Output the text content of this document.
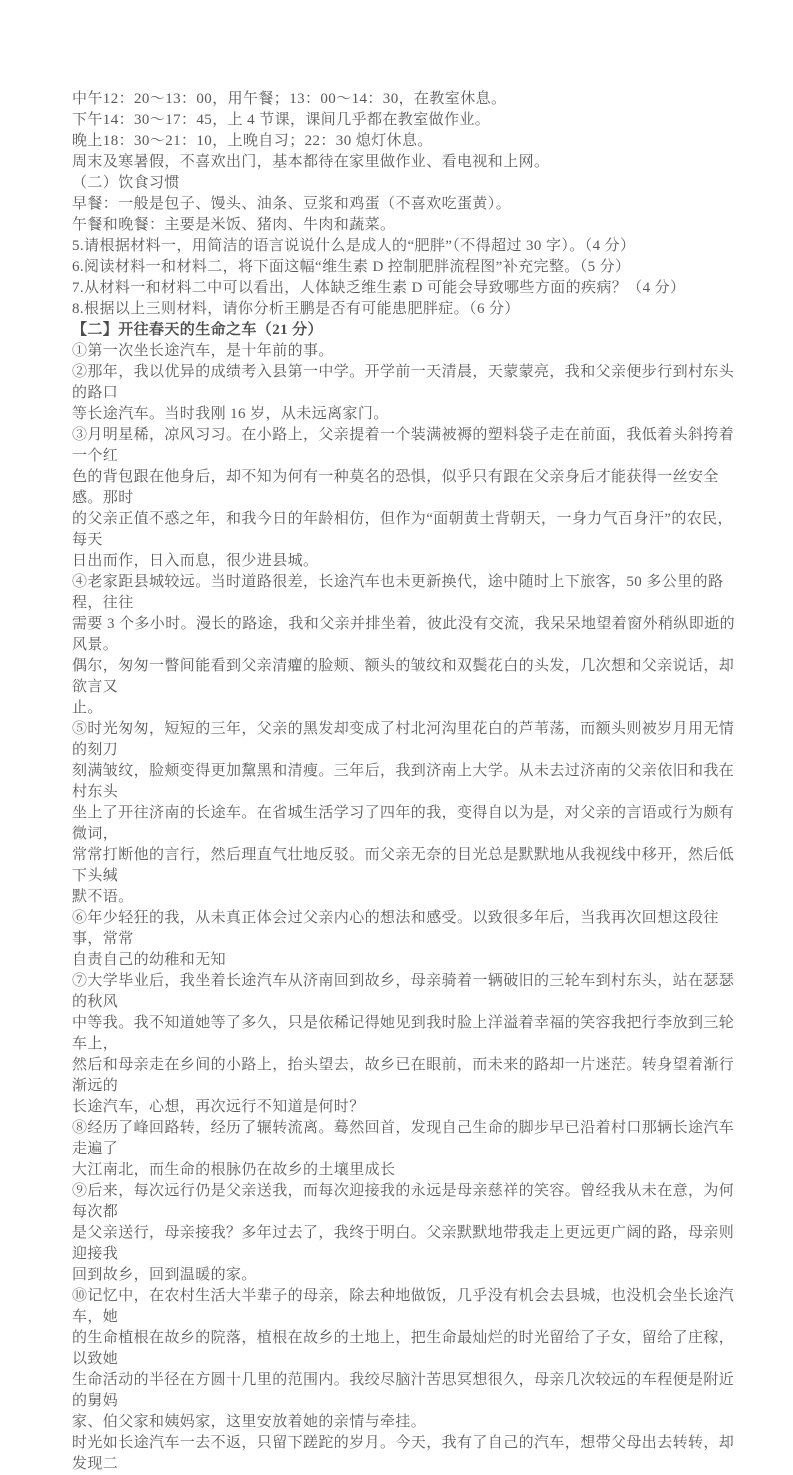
中午12：20～13：00，用午餐；13：00～14：30，在教室休息。
下午14：30～17：45，上 4 节课，课间几乎都在教室做作业。
晚上18：30～21：10，上晚自习；22：30 熄灯休息。
周末及寒暑假，不喜欢出门，基本都待在家里做作业、看电视和上网。
（二）饮食习惯
早餐：一般是包子、馒头、油条、豆浆和鸡蛋（不喜欢吃蛋黄）。
午餐和晚餐：主要是米饭、猪肉、牛肉和蔬菜。
5.请根据材料一，用简洁的语言说说什么是成人的“肥胖”（不得超过 30 字）。（4 分）
6.阅读材料一和材料二，将下面这幅“维生素 D 控制肥胖流程图”补充完整。（5 分）
7.从材料一和材料二中可以看出，人体缺乏维生素 D 可能会导致哪些方面的疾病？（4 分）
8.根据以上三则材料，请你分析王鹏是否有可能患肥胖症。（6 分）
【二】开往春天的生命之车（21 分）
①第一次坐长途汽车，是十年前的事。
②那年，我以优异的成绩考入县第一中学。开学前一天清晨，天蒙蒙亮，我和父亲便步行到村东头的路口
等长途汽车。当时我刚 16 岁，从未远离家门。
③月明星稀，凉风习习。在小路上，父亲提着一个装满被褥的塑料袋子走在前面，我低着头斜挎着一个红
色的背包跟在他身后，却不知为何有一种莫名的恐惧，似乎只有跟在父亲身后才能获得一丝安全感。那时
的父亲正值不惑之年，和我今日的年龄相仿，但作为“面朝黄土背朝天，一身力气百身汗”的农民，每天
日出而作，日入而息，很少进县城。
④老家距县城较远。当时道路很差，长途汽车也未更新换代，途中随时上下旅客，50 多公里的路程，往往
需要 3 个多小时。漫长的路途，我和父亲并排坐着，彼此没有交流，我呆呆地望着窗外稍纵即逝的风景。
偶尔，匆匆一瞥间能看到父亲清癯的脸颊、额头的皱纹和双鬓花白的头发，几次想和父亲说话，却欲言又
止。
⑤时光匆匆，短短的三年，父亲的黑发却变成了村北河沟里花白的芦苇荡，而额头则被岁月用无情的刻刀
刻满皱纹，脸颊变得更加黧黑和清瘦。三年后，我到济南上大学。从未去过济南的父亲依旧和我在村东头
坐上了开往济南的长途车。在省城生活学习了四年的我，变得自以为是，对父亲的言语或行为颇有微词，
常常打断他的言行，然后理直气壮地反驳。而父亲无奈的目光总是默默地从我视线中移开，然后低下头缄
默不语。
⑥年少轻狂的我，从未真正体会过父亲内心的想法和感受。以致很多年后，当我再次回想这段往事，常常
自责自己的幼稚和无知
⑦大学毕业后，我坐着长途汽车从济南回到故乡，母亲骑着一辆破旧的三轮车到村东头，站在瑟瑟的秋风
中等我。我不知道她等了多久，只是依稀记得她见到我时脸上洋溢着幸福的笑容我把行李放到三轮车上，
然后和母亲走在乡间的小路上，抬头望去，故乡已在眼前，而未来的路却一片迷茫。转身望着渐行渐远的
长途汽车，心想，再次远行不知道是何时？
⑧经历了峰回路转，经历了辗转流离。蓦然回首，发现自己生命的脚步早已沿着村口那辆长途汽车走遍了
大江南北，而生命的根脉仍在故乡的土壤里成长
⑨后来，每次远行仍是父亲送我，而每次迎接我的永远是母亲慈祥的笑容。曾经我从未在意，为何每次都
是父亲送行，母亲接我？多年过去了，我终于明白。父亲默默地带我走上更远更广阔的路，母亲则迎接我
回到故乡，回到温暖的家。
⑩记忆中，在农村生活大半辈子的母亲，除去种地做饭，几乎没有机会去县城，也没机会坐长途汽车，她
的生命植根在故乡的院落，植根在故乡的土地上，把生命最灿烂的时光留给了子女，留给了庄稼，以致她
生命活动的半径在方圆十几里的范围内。我绞尽脑汁苦思冥想很久，母亲几次较远的车程便是附近的舅妈
家、伯父家和姨妈家，这里安放着她的亲情与牵挂。
时光如长途汽车一去不返，只留下蹉跎的岁月。今天，我有了自己的汽车，想带父母出去转转，却发现二
